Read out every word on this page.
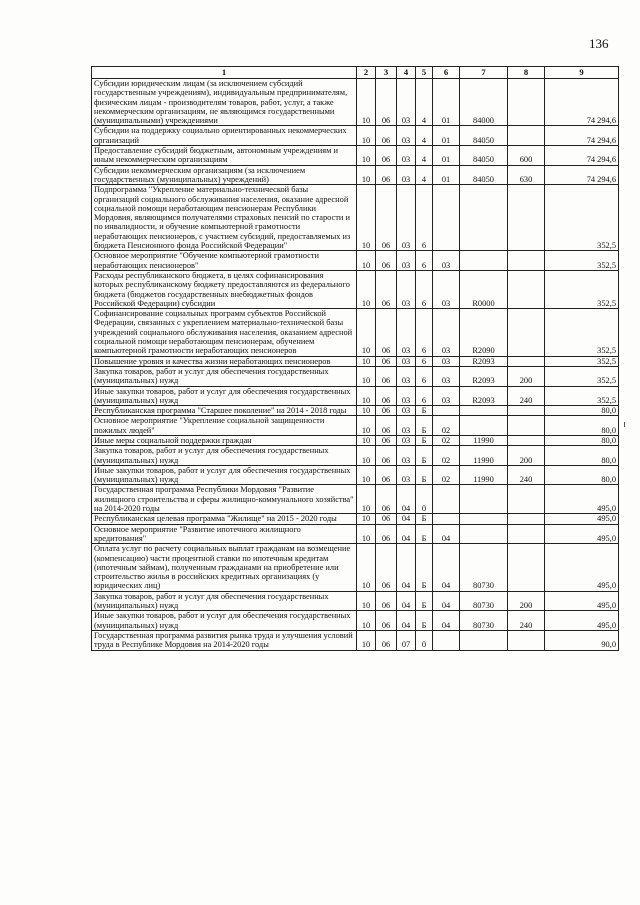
136
1	2	3	4	5	6	7	8	9
Субсидии юридическим лицам (за исключением субсидий государственным учреждениям), индивидуальным предпринимателям, физическим лицам - производителям товаров, работ, услуг, а также некоммерческим организациям, не являющимся государственными (муниципальными) учреждениями	10	06	03	4	01	84000		74 294,6
Субсидии на поддержку социально ориентированных некоммерческих организаций	10	06	03	4	01	84050		74 294,6
Предоставление субсидий бюджетным, автономным учреждениям и иным некоммерческим организациям	10	06	03	4	01	84050	600	74 294,6
Субсидии некоммерческим организациям (за исключением государственных (муниципальных) учреждений)	10	06	03	4	01	84050	630	74 294,6
Подпрограмма "Укрепление материально-технической базы организаций социального обслуживания населения, оказание адресной социальной помощи неработающим пенсионерам Республики Мордовия, являющимся получателями страховых пенсий по старости и по инвалидности, и обучение компьютерной грамотности неработающих пенсионеров, с участием субсидий, предоставляемых из бюджета Пенсионного фонда Российской Федерации"	10	06	03	6				352,5
Основное мероприятие "Обучение компьютерной грамотности неработающих пенсионеров"	10	06	03	6	03			352,5
Расходы республиканского бюджета, в целях софинансирования которых республиканскому бюджету предоставляются из федерального бюджета (бюджетов государственных внебюджетных фондов Российской Федерации) субсидии	10	06	03	6	03	R0000		352,5
Софинансирование социальных программ субъектов Российской Федерации, связанных с укреплением материально-технической базы учреждений социального обслуживания населения, оказанием адресной социальной помощи неработающим пенсионерам, обучением компьютерной грамотности неработающих пенсионеров	10	06	03	6	03	R2090		352,5
Повышение уровня и качества жизни неработающих пенсионеров	10	06	03	6	03	R2093		352,5
Закупка товаров, работ и услуг для обеспечения государственных (муниципальных) нужд	10	06	03	6	03	R2093	200	352,5
Иные закупки товаров, работ и услуг для обеспечения государственных (муниципальных) нужд	10	06	03	6	03	R2093	240	352,5
Республиканская программа "Старшее поколение" на 2014 - 2018 годы	10	06	03	Б				80,0
Основное мероприятие "Укрепление социальной защищенности пожилых людей"	10	06	03	Б	02			80,0
Иные меры социальной поддержки граждан	10	06	03	Б	02	11990		80,0
Закупка товаров, работ и услуг для обеспечения государственных (муниципальных) нужд	10	06	03	Б	02	11990	200	80,0
Иные закупки товаров, работ и услуг для обеспечения государственных (муниципальных) нужд	10	06	03	Б	02	11990	240	80,0
Государственная программа Республики Мордовия "Развитие жилищного строительства и сферы жилищно-коммунального хозяйства" на 2014-2020 годы	10	06	04	0				495,0
Республиканская целевая программа "Жилище" на 2015 - 2020 годы	10	06	04	Б				495,0
Основное мероприятие "Развитие ипотечного жилищного кредитования"	10	06	04	Б	04			495,0
Оплата услуг по расчету социальных выплат гражданам на возмещение (компенсацию) части процентной ставки по ипотечным кредитам (ипотечным займам), полученным гражданами на приобретение или строительство жилья в российских кредитных организациях (у юридических лиц)	10	06	04	Б	04	80730		495,0
Закупка товаров, работ и услуг для обеспечения государственных (муниципальных) нужд	10	06	04	Б	04	80730	200	495,0
Иные закупки товаров, работ и услуг для обеспечения государственных (муниципальных) нужд	10	06	04	Б	04	80730	240	495,0
Государственная программа развития рынка труда и улучшения условий труда в Республике Мордовия на 2014-2020 годы	10	06	07	0				90,0
